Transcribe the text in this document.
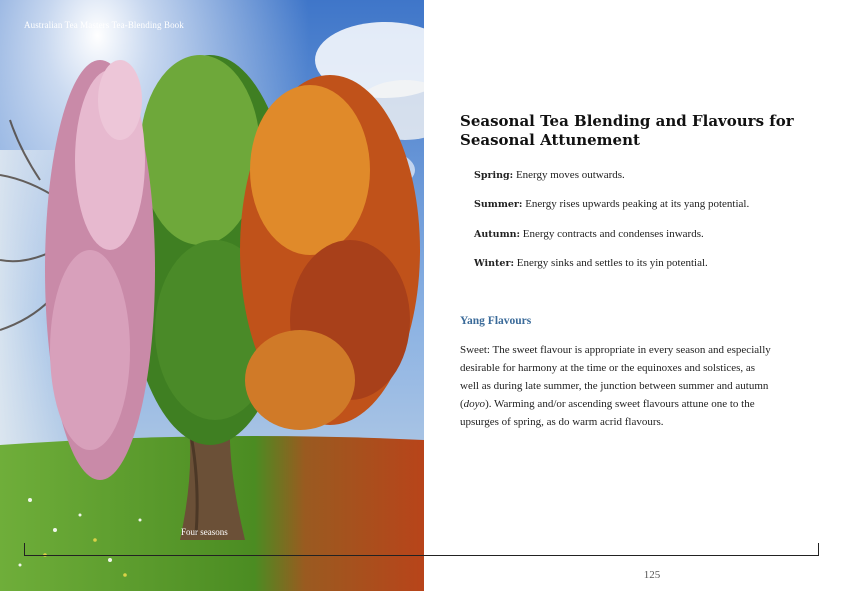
Australian Tea Masters Tea-Blending Book
Four seasons
Seasonal Tea Blending and Flavours for
Seasonal Attunement
Spring: Energy moves outwards.
Summer: Energy rises upwards peaking at its yang potential.
Autumn: Energy contracts and condenses inwards.
Winter: Energy sinks and settles to its yin potential.
Yang Flavours
Sweet: The sweet flavour is appropriate in every season and especially
desirable for harmony at the time or the equinoxes and solstices, as
well as during late summer, the junction between summer and autumn
(doyo). Warming and/or ascending sweet flavours attune one to the
upsurges of spring, as do warm acrid flavours.
125
